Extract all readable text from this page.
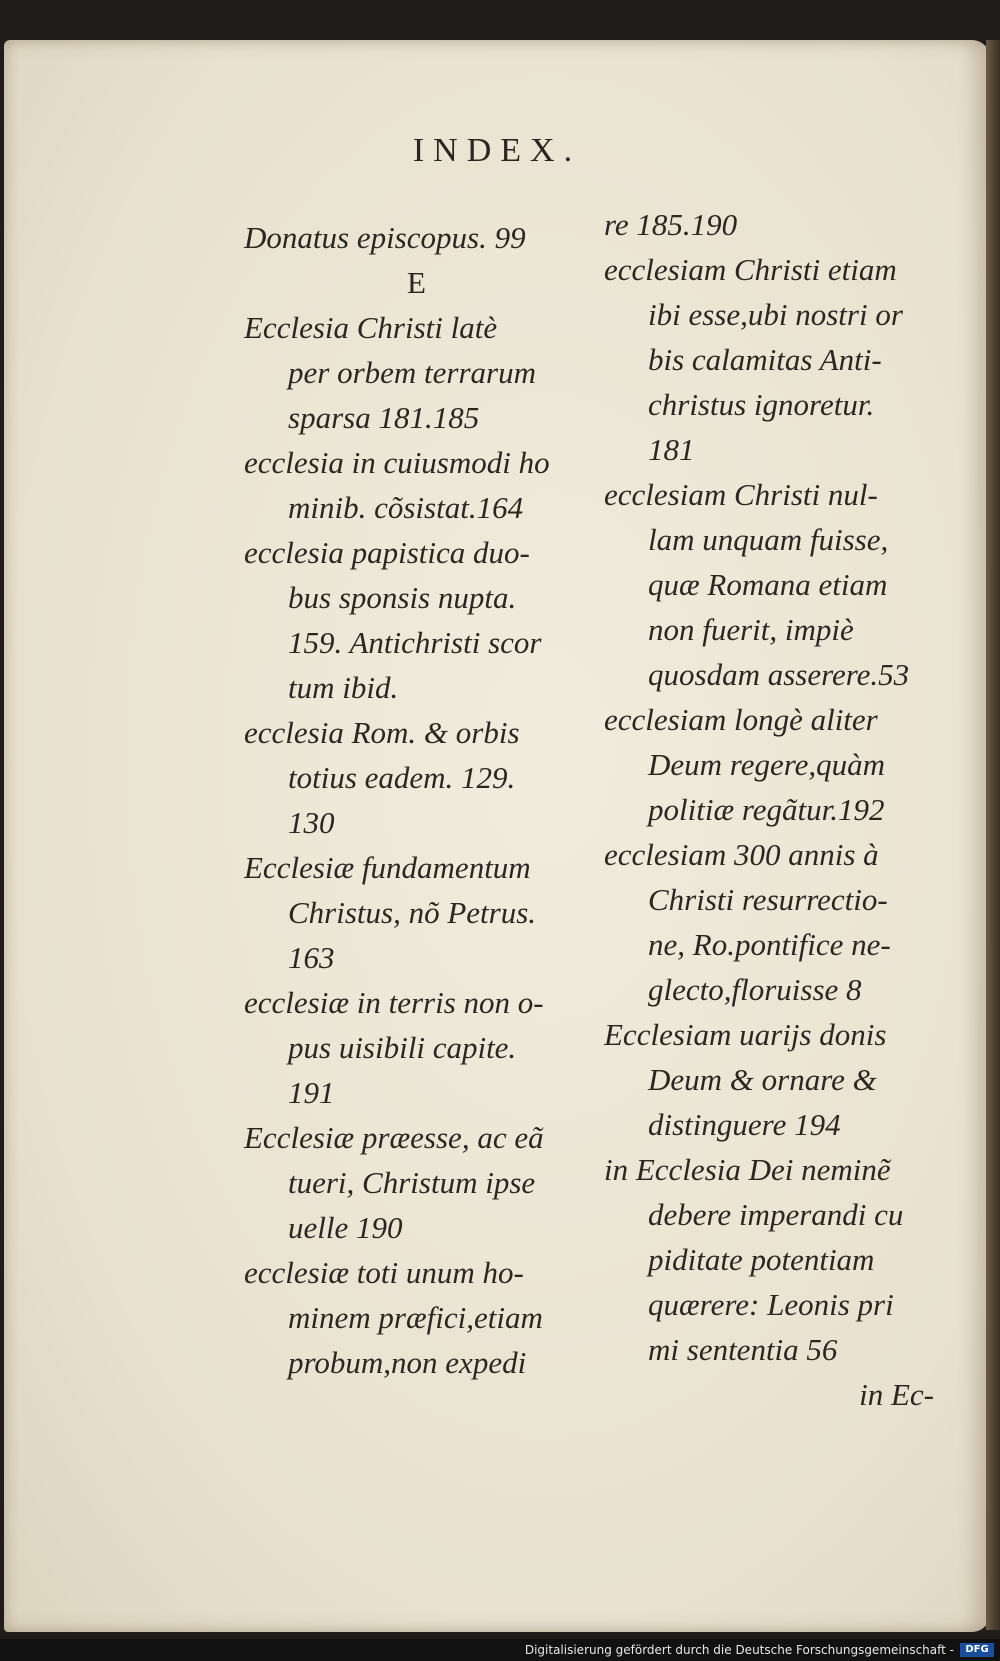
INDEX.
Donatus episcopus. 99
E
Ecclesia Christi latè
per orbem terrarum
sparsa 181.185
ecclesia in cuiusmodi ho
minib. cõsistat.164
ecclesia papistica duo-
bus sponsis nupta.
159. Antichristi scor
tum ibid.
ecclesia Rom. & orbis
totius eadem. 129.
130
Ecclesiæ fundamentum
Christus, nõ Petrus.
163
ecclesiæ in terris non o-
pus uisibili capite.
191
Ecclesiæ præesse, ac eã
tueri, Christum ipse
uelle 190
ecclesiæ toti unum ho-
minem præfici,etiam
probum,non expedi
re 185.190
ecclesiam Christi etiam
ibi esse,ubi nostri or
bis calamitas Anti-
christus ignoretur.
181
ecclesiam Christi nul-
lam unquam fuisse,
quæ Romana etiam
non fuerit, impiè
quosdam asserere.53
ecclesiam longè aliter
Deum regere,quàm
politiæ regãtur.192
ecclesiam 300 annis à
Christi resurrectio-
ne, Ro.pontifice ne-
glecto,floruisse 8
Ecclesiam uarijs donis
Deum & ornare &
distinguere 194
in Ecclesia Dei neminẽ
debere imperandi cu
piditate potentiam
quærere: Leonis pri
mi sententia 56
in Ec-
Digitalisierung gefördert durch die Deutsche Forschungsgemeinschaft -	DFG
